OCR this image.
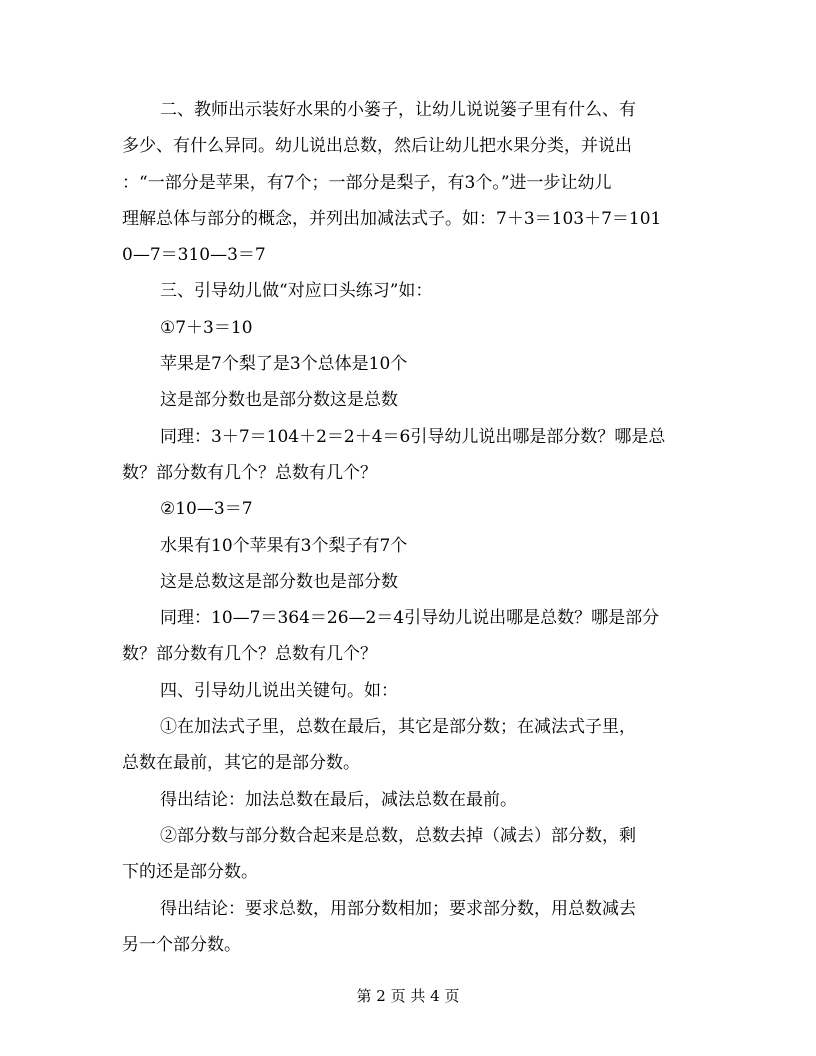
二、教师出示装好水果的小篓子，让幼儿说说篓子里有什么、有
多少、有什么异同。幼儿说出总数，然后让幼儿把水果分类，并说出
：“一部分是苹果，有7个；一部分是梨子，有3个。”进一步让幼儿
理解总体与部分的概念，并列出加减法式子。如：7＋3＝103＋7＝101
0—7＝310—3＝7
三、引导幼儿做“对应口头练习”如：
①7＋3＝10
苹果是7个梨了是3个总体是10个
这是部分数也是部分数这是总数
同理：3＋7＝104＋2＝2＋4＝6引导幼儿说出哪是部分数？哪是总
数？部分数有几个？总数有几个？
②10—3＝7
水果有10个苹果有3个梨子有7个
这是总数这是部分数也是部分数
同理：10—7＝364＝26—2＝4引导幼儿说出哪是总数？哪是部分
数？部分数有几个？总数有几个？
四、引导幼儿说出关键句。如：
①在加法式子里，总数在最后，其它是部分数；在减法式子里，
总数在最前，其它的是部分数。
得出结论：加法总数在最后，减法总数在最前。
②部分数与部分数合起来是总数，总数去掉（减去）部分数，剩
下的还是部分数。
得出结论：要求总数，用部分数相加；要求部分数，用总数减去
另一个部分数。
第 2 页 共 4 页
